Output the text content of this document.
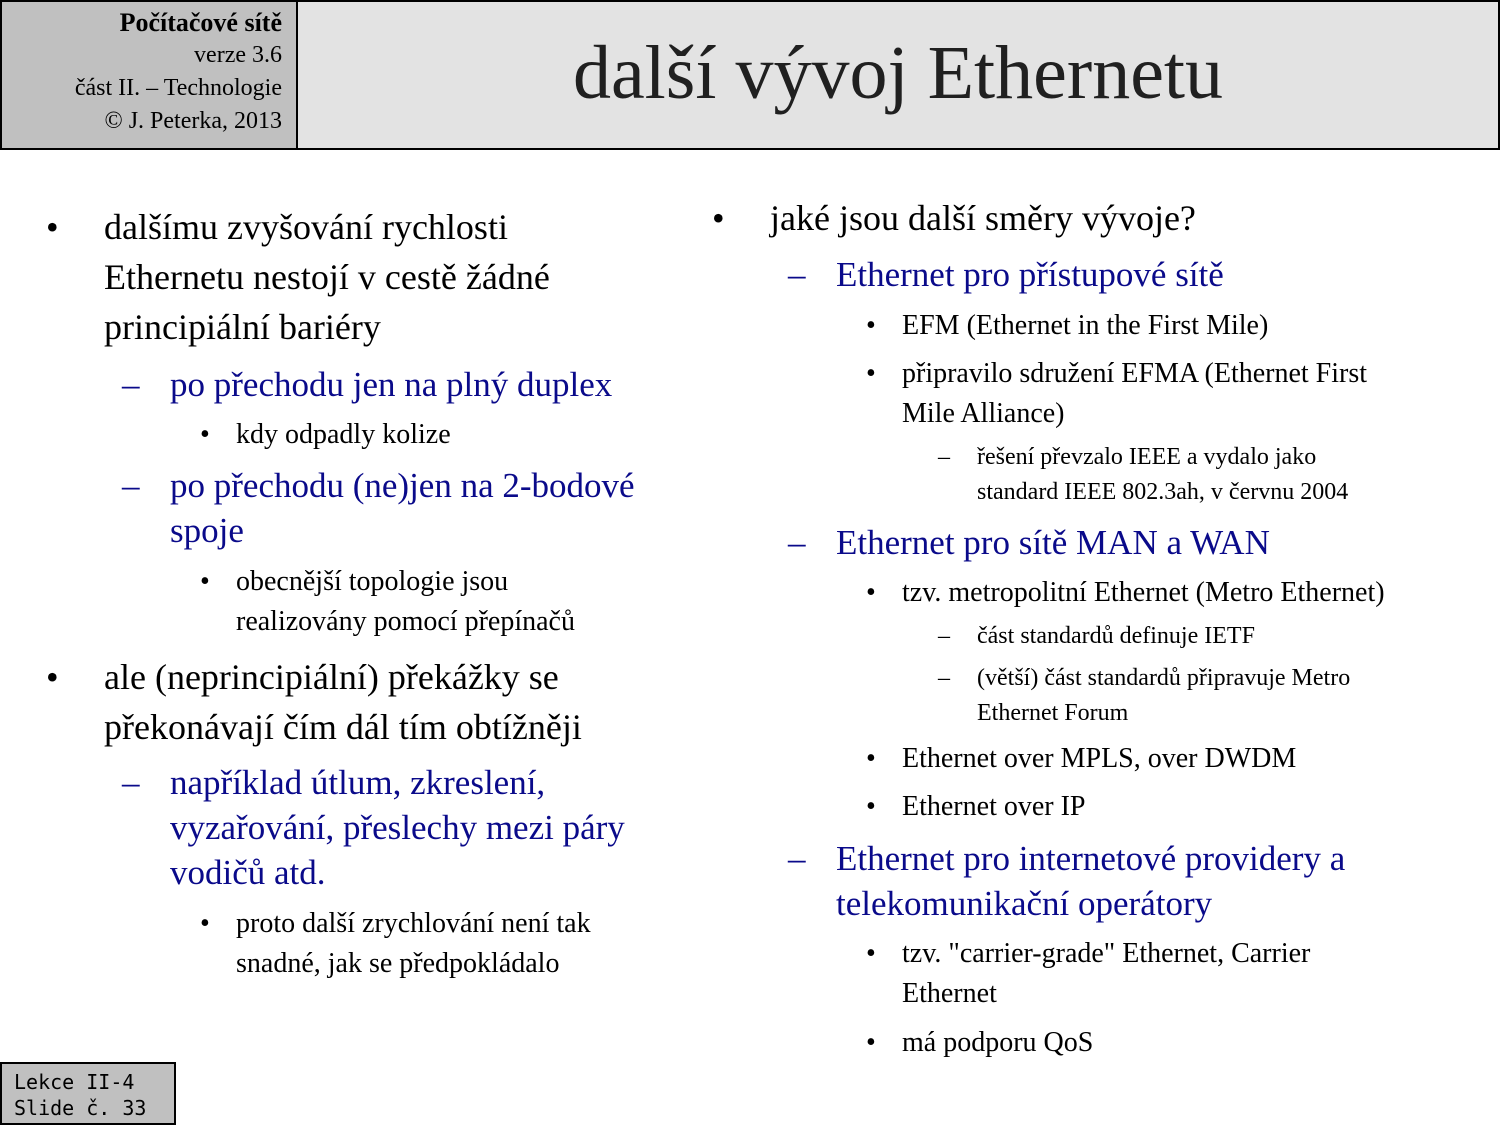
Počítačové sítě
verze 3.6
část II. – Technologie
© J. Peterka, 2013
další vývoj Ethernetu
• dalšímu zvyšování rychlosti
Ethernetu nestojí v cestě žádné
principiální bariéry
– po přechodu jen na plný duplex
• kdy odpadly kolize
– po přechodu (ne)jen na 2-bodové
spoje
• obecnější topologie jsou
realizovány pomocí přepínačů
• ale (neprincipiální) překážky se
překonávají čím dál tím obtížněji
– například útlum, zkreslení,
vyzařování, přeslechy mezi páry
vodičů atd.
• proto další zrychlování není tak
snadné, jak se předpokládalo
• jaké jsou další směry vývoje?
– Ethernet pro přístupové sítě
• EFM (Ethernet in the First Mile)
• připravilo sdružení EFMA (Ethernet First
Mile Alliance)
– řešení převzalo IEEE a vydalo jako
standard IEEE 802.3ah, v červnu 2004
– Ethernet pro sítě MAN a WAN
• tzv. metropolitní Ethernet (Metro Ethernet)
– část standardů definuje IETF
– (větší) část standardů připravuje Metro
Ethernet Forum
• Ethernet over MPLS, over DWDM
• Ethernet over IP
– Ethernet pro internetové providery a
telekomunikační operátory
• tzv. "carrier-grade" Ethernet, Carrier
Ethernet
• má podporu QoS
Lekce II-4
Slide č. 33
